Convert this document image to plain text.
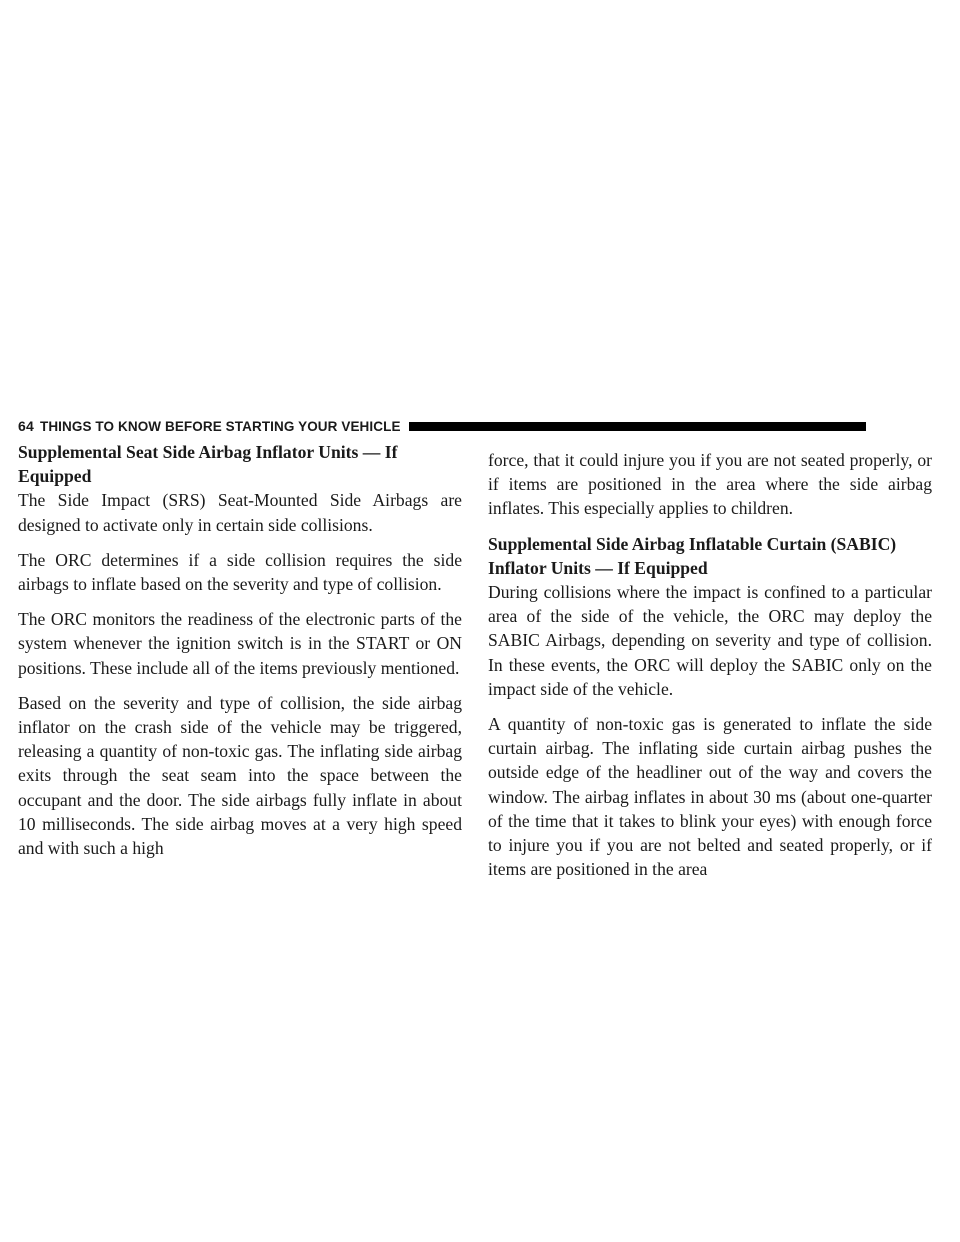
64 THINGS TO KNOW BEFORE STARTING YOUR VEHICLE

Supplemental Seat Side Airbag Inflator Units — If Equipped

The Side Impact (SRS) Seat-Mounted Side Airbags are designed to activate only in certain side collisions.

The ORC determines if a side collision requires the side airbags to inflate based on the severity and type of collision.

The ORC monitors the readiness of the electronic parts of the system whenever the ignition switch is in the START or ON positions. These include all of the items previously mentioned.

Based on the severity and type of collision, the side airbag inflator on the crash side of the vehicle may be triggered, releasing a quantity of non-toxic gas. The inflating side airbag exits through the seat seam into the space between the occupant and the door. The side airbags fully inflate in about 10 milliseconds. The side airbag moves at a very high speed and with such a high

force, that it could injure you if you are not seated properly, or if items are positioned in the area where the side airbag inflates. This especially applies to children.

Supplemental Side Airbag Inflatable Curtain (SABIC) Inflator Units — If Equipped

During collisions where the impact is confined to a particular area of the side of the vehicle, the ORC may deploy the SABIC Airbags, depending on severity and type of collision. In these events, the ORC will deploy the SABIC only on the impact side of the vehicle.

A quantity of non-toxic gas is generated to inflate the side curtain airbag. The inflating side curtain airbag pushes the outside edge of the headliner out of the way and covers the window. The airbag inflates in about 30 ms (about one-quarter of the time that it takes to blink your eyes) with enough force to injure you if you are not belted and seated properly, or if items are positioned in the area
